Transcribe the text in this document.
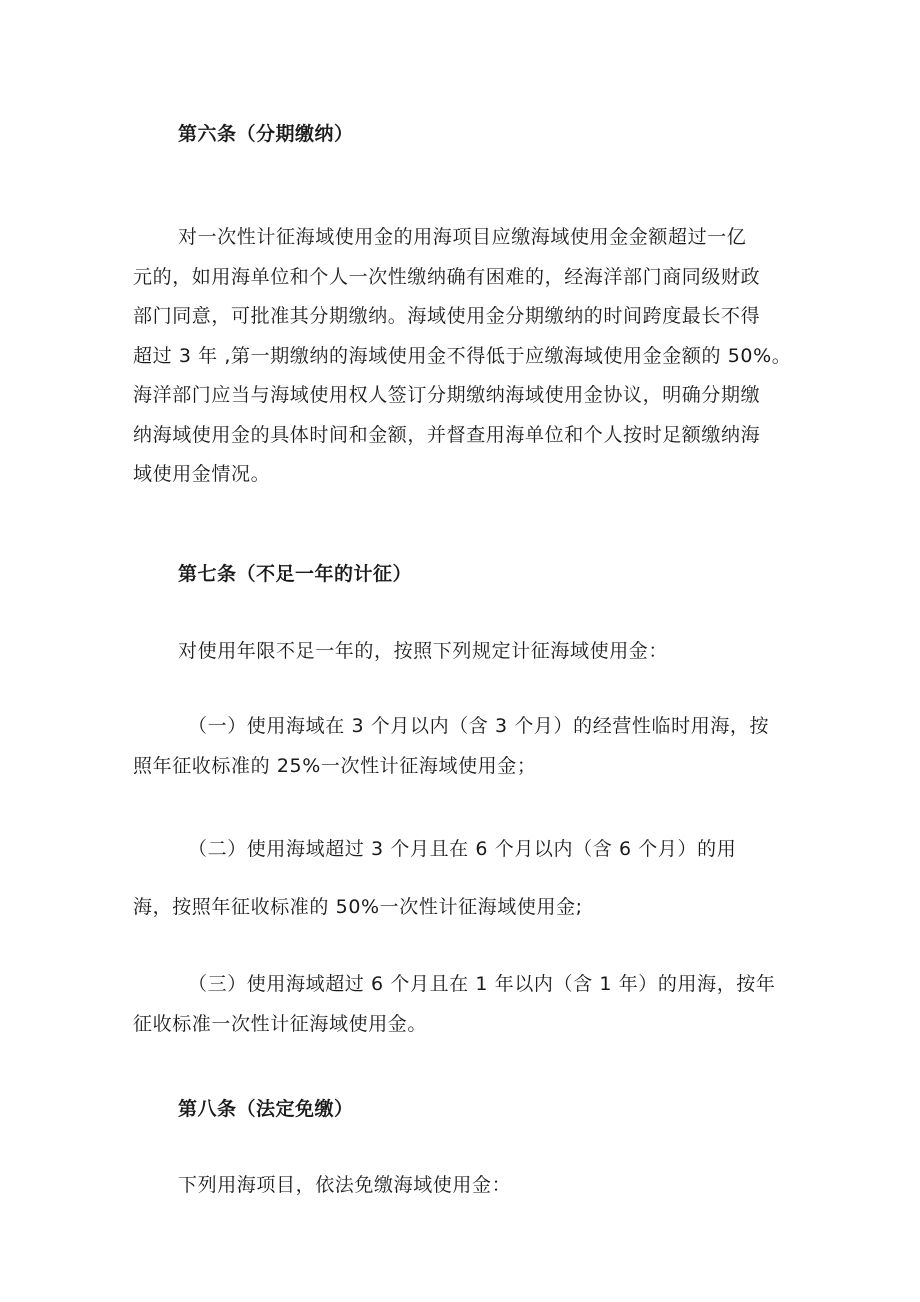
第六条（分期缴纳）
对一次性计征海域使用金的用海项目应缴海域使用金金额超过一亿
元的，如用海单位和个人一次性缴纳确有困难的，经海洋部门商同级财政
部门同意，可批准其分期缴纳。海域使用金分期缴纳的时间跨度最长不得
超过 3 年 ,第一期缴纳的海域使用金不得低于应缴海域使用金金额的 50%。
海洋部门应当与海域使用权人签订分期缴纳海域使用金协议，明确分期缴
纳海域使用金的具体时间和金额，并督查用海单位和个人按时足额缴纳海
域使用金情况。
第七条（不足一年的计征）
对使用年限不足一年的，按照下列规定计征海域使用金：
（一）使用海域在 3 个月以内（含 3 个月）的经营性临时用海，按
照年征收标准的 25%一次性计征海域使用金；
（二）使用海域超过 3 个月且在 6 个月以内（含 6 个月）的用
海，按照年征收标准的 50%一次性计征海域使用金;
（三）使用海域超过 6 个月且在 1 年以内（含 1 年）的用海，按年
征收标准一次性计征海域使用金。
第八条（法定免缴）
下列用海项目，依法免缴海域使用金：
